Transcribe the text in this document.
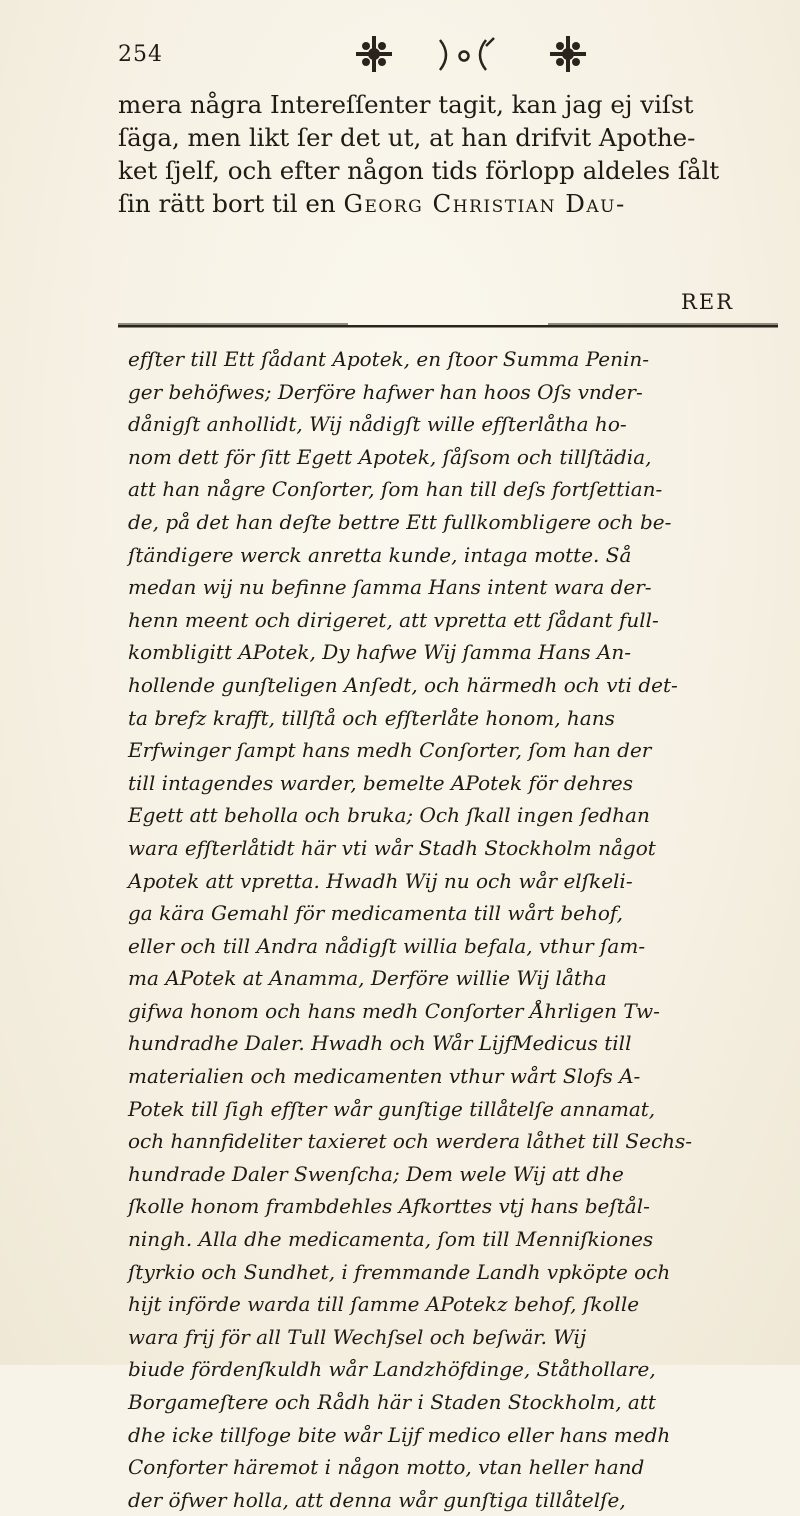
254
mera några Intereſſenter tagit, kan jag ej viſst
ſäga, men likt ſer det ut, at han drifvit Apothe-
ket ſjelf, och efter någon tids förlopp aldeles ſålt
ſin rätt bort til en Georg Christian Dau-
RER
efſter till Ett ſådant Apotek, en ſtoor Summa Penin-
ger behöfwes; Derföre hafwer han hoos Oſs vnder-
dånigſt anhollidt, Wij nådigſt wille efſterlåtha ho-
nom dett för ſitt Egett Apotek, ſåſsom och tillſtädia,
att han någre Conſorter, ſom han till deſs fortſettian-
de, på det han deſte bettre Ett fullkombligere och be-
ſtändigere werck anretta kunde, intaga motte. Så
medan wij nu befinne ſamma Hans intent wara der-
henn meent och dirigeret, att vpretta ett ſådant full-
kombligitt APotek, Dy hafwe Wij ſamma Hans An-
hollende gunſteligen Anſedt, och härmedh och vti det-
ta brefz krafft, tillſtå och efſterlåte honom, hans
Erfwinger ſampt hans medh Conſorter, ſom han der
till intagendes warder, bemelte APotek för dehres
Egett att beholla och bruka; Och ſkall ingen ſedhan
wara efſterlåtidt här vti wår Stadh Stockholm något
Apotek att vpretta. Hwadh Wij nu och wår elſkeli-
ga kära Gemahl för medicamenta till wårt behof,
eller och till Andra nådigſt willia befala, vthur ſam-
ma APotek at Anamma, Derföre willie Wij låtha
gifwa honom och hans medh Conſorter Åhrligen Tw-
hundradhe Daler. Hwadh och Wår LijfMedicus till
materialien och medicamenten vthur wårt Slofs A-
Potek till ſigh efſter wår gunſtige tillåtelſe annamat,
och hannfideliter taxieret och werdera låthet till Sechs-
hundrade Daler Swenſcha; Dem wele Wij att dhe
ſkolle honom frambdehles Afkorttes vtj hans beſtål-
ningh. Alla dhe medicamenta, ſom till Menniſkiones
ſtyrkio och Sundhet, i fremmande Landh vpköpte och
hijt införde warda till ſamme APotekz behof, ſkolle
wara frij för all Tull Wechſsel och beſwär. Wij
biude fördenſkuldh wår Landzhöfdinge, Ståthollare,
Borgameſtere och Rådh här i Staden Stockholm, att
dhe icke tillfoge bite wår Lijf medico eller hans medh
Conforter häremot i någon motto, vtan heller hand
der öfwer holla, att denna wår gunſtiga tillåtelſe,
